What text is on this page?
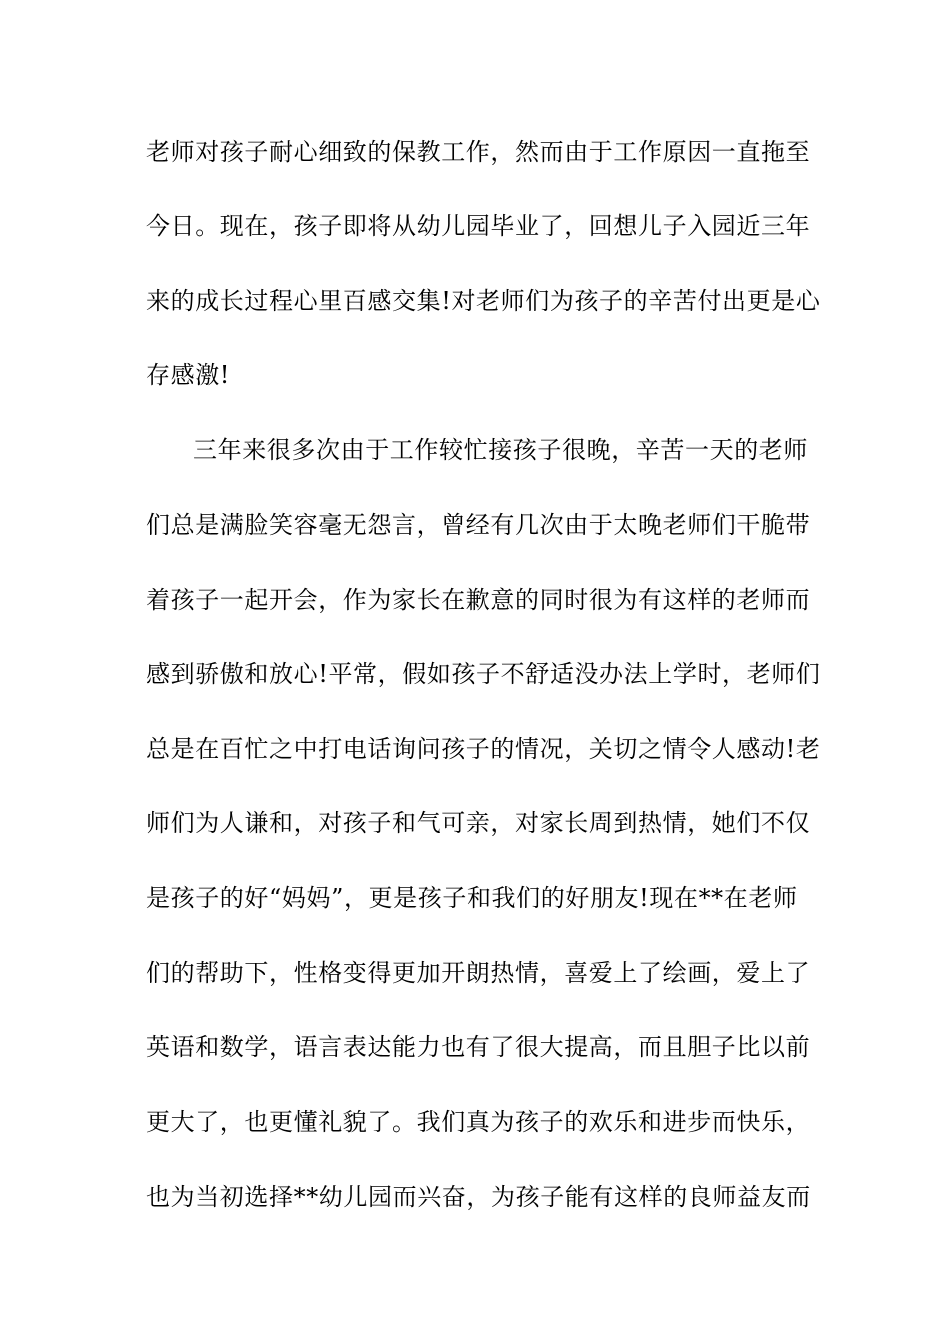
老师对孩子耐心细致的保教工作，然而由于工作原因一直拖至
今日。现在，孩子即将从幼儿园毕业了，回想儿子入园近三年
来的成长过程心里百感交集!对老师们为孩子的辛苦付出更是心
存感激!
三年来很多次由于工作较忙接孩子很晚，辛苦一天的老师
们总是满脸笑容毫无怨言，曾经有几次由于太晚老师们干脆带
着孩子一起开会，作为家长在歉意的同时很为有这样的老师而
感到骄傲和放心!平常，假如孩子不舒适没办法上学时，老师们
总是在百忙之中打电话询问孩子的情况，关切之情令人感动!老
师们为人谦和，对孩子和气可亲，对家长周到热情，她们不仅
是孩子的好“妈妈”，更是孩子和我们的好朋友!现在**在老师
们的帮助下，性格变得更加开朗热情，喜爱上了绘画，爱上了
英语和数学，语言表达能力也有了很大提高，而且胆子比以前
更大了，也更懂礼貌了。我们真为孩子的欢乐和进步而快乐，
也为当初选择**幼儿园而兴奋，为孩子能有这样的良师益友而
